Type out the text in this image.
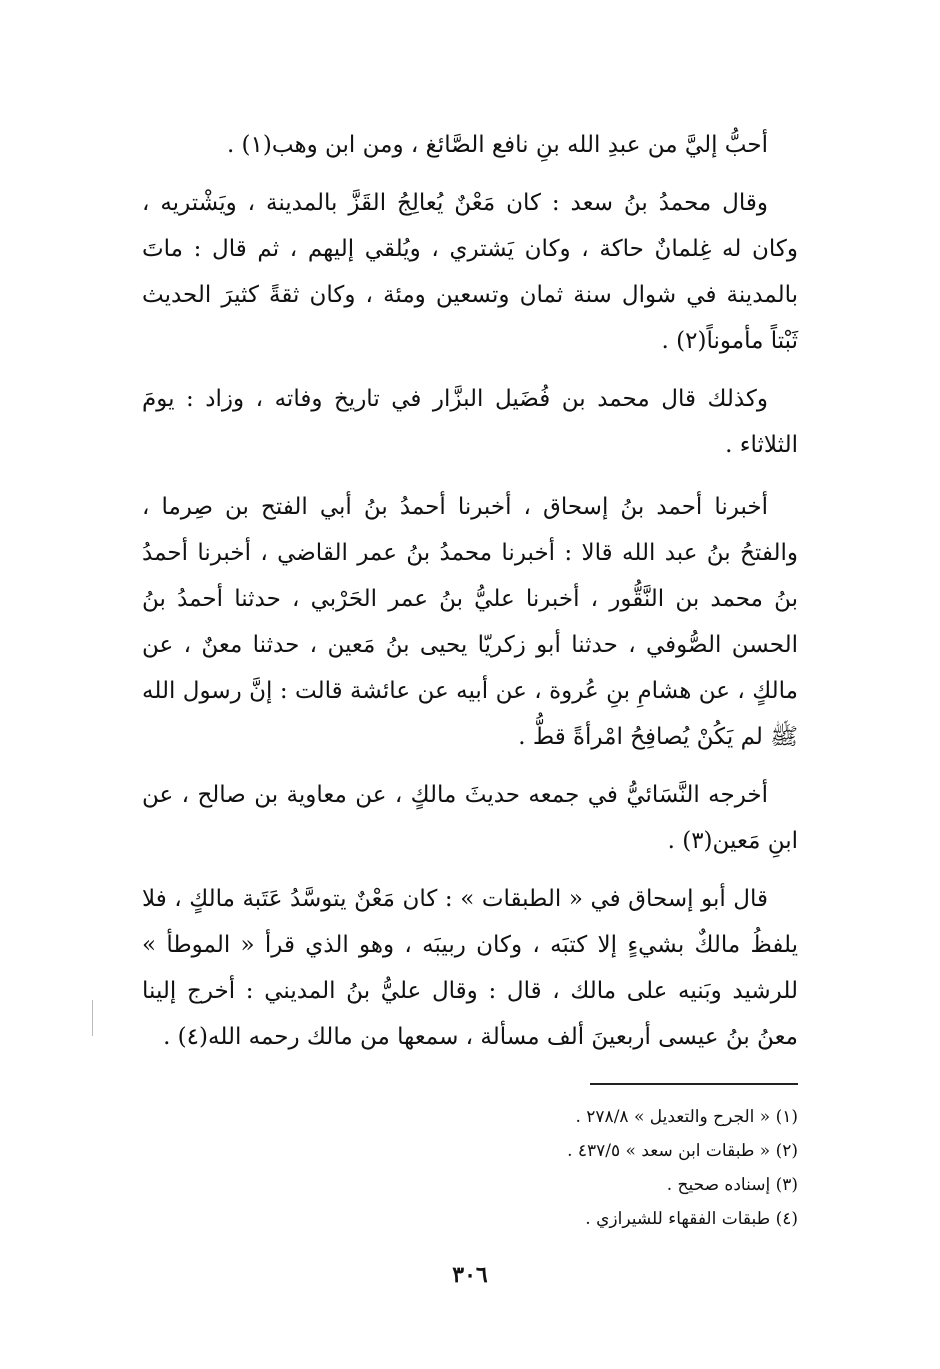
أحبُّ إليَّ من عبدِ الله بنِ نافع الصَّائغ ، ومن ابن وهب(١) .

وقال محمدُ بنُ سعد : كان مَعْنٌ يُعالِجُ القَزَّ بالمدينة ، ويَشْتريه ، وكان له غِلمانٌ حاكة ، وكان يَشتري ، ويُلقي إليهم ، ثم قال : ماتَ بالمدينة في شوال سنة ثمان وتسعين ومئة ، وكان ثقةً كثيرَ الحديث ثَبْتاً مأموناً(٢) .

وكذلك قال محمد بن فُضَيل البزَّار في تاريخ وفاته ، وزاد : يومَ الثلاثاء .

أخبرنا أحمد بنُ إسحاق ، أخبرنا أحمدُ بنُ أبي الفتح بن صِرما ، والفتحُ بنُ عبد الله قالا : أخبرنا محمدُ بنُ عمر القاضي ، أخبرنا أحمدُ بنُ محمد بن النَّقُّور ، أخبرنا عليُّ بنُ عمر الحَرْبي ، حدثنا أحمدُ بنُ الحسن الصُّوفي ، حدثنا أبو زكريّا يحيى بنُ مَعين ، حدثنا معنٌ ، عن مالكٍ ، عن هشامِ بنِ عُروة ، عن أبيه عن عائشة قالت : إنَّ رسول الله ﷺ لم يَكُنْ يُصافِحُ امْرأةً قطُّ .

أخرجه النَّسَائيُّ في جمعه حديثَ مالكٍ ، عن معاوية بن صالح ، عن ابنِ مَعين(٣) .

قال أبو إسحاق في « الطبقات » : كان مَعْنٌ يتوسَّدُ عَتَبة مالكٍ ، فلا يلفظُ مالكٌ بشيءٍ إلا كتبَه ، وكان ربيبَه ، وهو الذي قرأ « الموطأ » للرشيد وبَنيه على مالك ، قال : وقال عليُّ بنُ المديني : أخرج إلينا معنُ بنُ عيسى أربعينَ ألف مسألة ، سمعها من مالك رحمه الله(٤) .

(١) « الجرح والتعديل » ٢٧٨/٨ .

(٢) « طبقات ابن سعد » ٤٣٧/٥ .

(٣) إسناده صحيح .

(٤) طبقات الفقهاء للشيرازي .

٣٠٦
